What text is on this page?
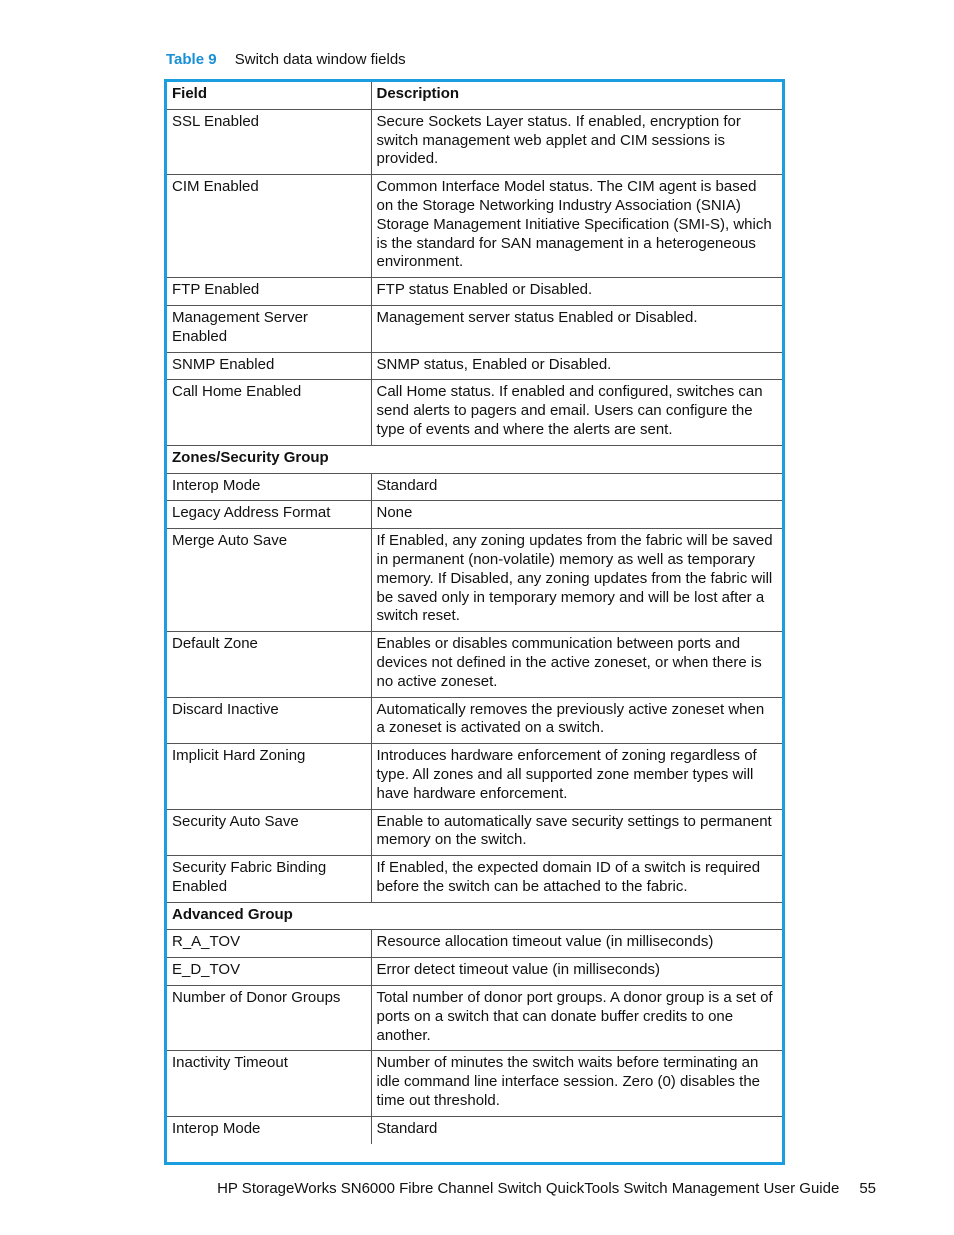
Table 9 Switch data window fields
Field	Description
SSL Enabled	Secure Sockets Layer status. If enabled, encryption for switch management web applet and CIM sessions is provided.
CIM Enabled	Common Interface Model status. The CIM agent is based on the Storage Networking Industry Association (SNIA) Storage Management Initiative Specification (SMI-S), which is the standard for SAN management in a heterogeneous environment.
FTP Enabled	FTP status Enabled or Disabled.
Management Server Enabled	Management server status Enabled or Disabled.
SNMP Enabled	SNMP status, Enabled or Disabled.
Call Home Enabled	Call Home status. If enabled and configured, switches can send alerts to pagers and email. Users can configure the type of events and where the alerts are sent.
Zones/Security Group	
Interop Mode	Standard
Legacy Address Format	None
Merge Auto Save	If Enabled, any zoning updates from the fabric will be saved in permanent (non-volatile) memory as well as temporary memory. If Disabled, any zoning updates from the fabric will be saved only in temporary memory and will be lost after a switch reset.
Default Zone	Enables or disables communication between ports and devices not defined in the active zoneset, or when there is no active zoneset.
Discard Inactive	Automatically removes the previously active zoneset when a zoneset is activated on a switch.
Implicit Hard Zoning	Introduces hardware enforcement of zoning regardless of type. All zones and all supported zone member types will have hardware enforcement.
Security Auto Save	Enable to automatically save security settings to permanent memory on the switch.
Security Fabric Binding Enabled	If Enabled, the expected domain ID of a switch is required before the switch can be attached to the fabric.
Advanced Group	
R_A_TOV	Resource allocation timeout value (in milliseconds)
E_D_TOV	Error detect timeout value (in milliseconds)
Number of Donor Groups	Total number of donor port groups. A donor group is a set of ports on a switch that can donate buffer credits to one another.
Inactivity Timeout	Number of minutes the switch waits before terminating an idle command line interface session. Zero (0) disables the time out threshold.
Interop Mode	Standard
HP StorageWorks SN6000 Fibre Channel Switch QuickTools Switch Management User Guide 55
